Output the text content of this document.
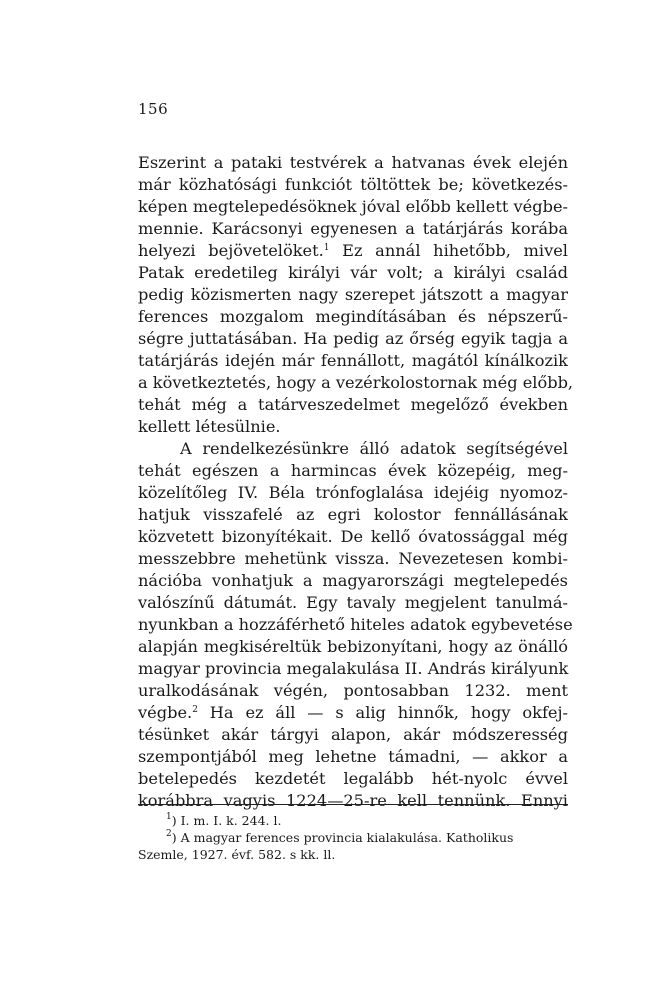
156
Eszerint a pataki testvérek a hatvanas évek elején
már közhatósági funkciót töltöttek be; következés-
képen megtelepedésöknek jóval előbb kellett végbe-
mennie. Karácsonyi egyenesen a tatárjárás korába
helyezi bejövetelöket.$^1$ Ez annál hihetőbb, mivel
Patak eredetileg királyi vár volt; a királyi család
pedig közismerten nagy szerepet játszott a magyar
ferences mozgalom megindításában és népszerű-
ségre juttatásában. Ha pedig az őrség egyik tagja a
tatárjárás idején már fennállott, magától kínálkozik
a következtetés, hogy a vezérkolostornak még előbb,
tehát még a tatárveszedelmet megelőző években
kellett létesülnie.
A rendelkezésünkre álló adatok segítségével
tehát egészen a harmincas évek közepéig, meg-
közelítőleg IV. Béla trónfoglalása idejéig nyomoz-
hatjuk visszafelé az egri kolostor fennállásának
közvetett bizonyítékait. De kellő óvatossággal még
messzebbre mehetünk vissza. Nevezetesen kombi-
nációba vonhatjuk a magyarországi megtelepedés
valószínű dátumát. Egy tavaly megjelent tanulmá-
nyunkban a hozzáférhető hiteles adatok egybevetése
alapján megkiséreltük bebizonyítani, hogy az önálló
magyar provincia megalakulása II. András királyunk
uralkodásának végén, pontosabban 1232. ment
végbe.$^2$ Ha ez áll — s alig hinnők, hogy okfej-
tésünket akár tárgyi alapon, akár módszeresség
szempontjából meg lehetne támadni, — akkor a
betelepedés kezdetét legalább hét-nyolc évvel
korábbra vagyis 1224—25-re kell tennünk. Ennyi
$^1$) I. m. I. k. 244. l.
$^2$) A magyar ferences provincia kialakulása. Katholikus
Szemle, 1927. évf. 582. s kk. ll.
